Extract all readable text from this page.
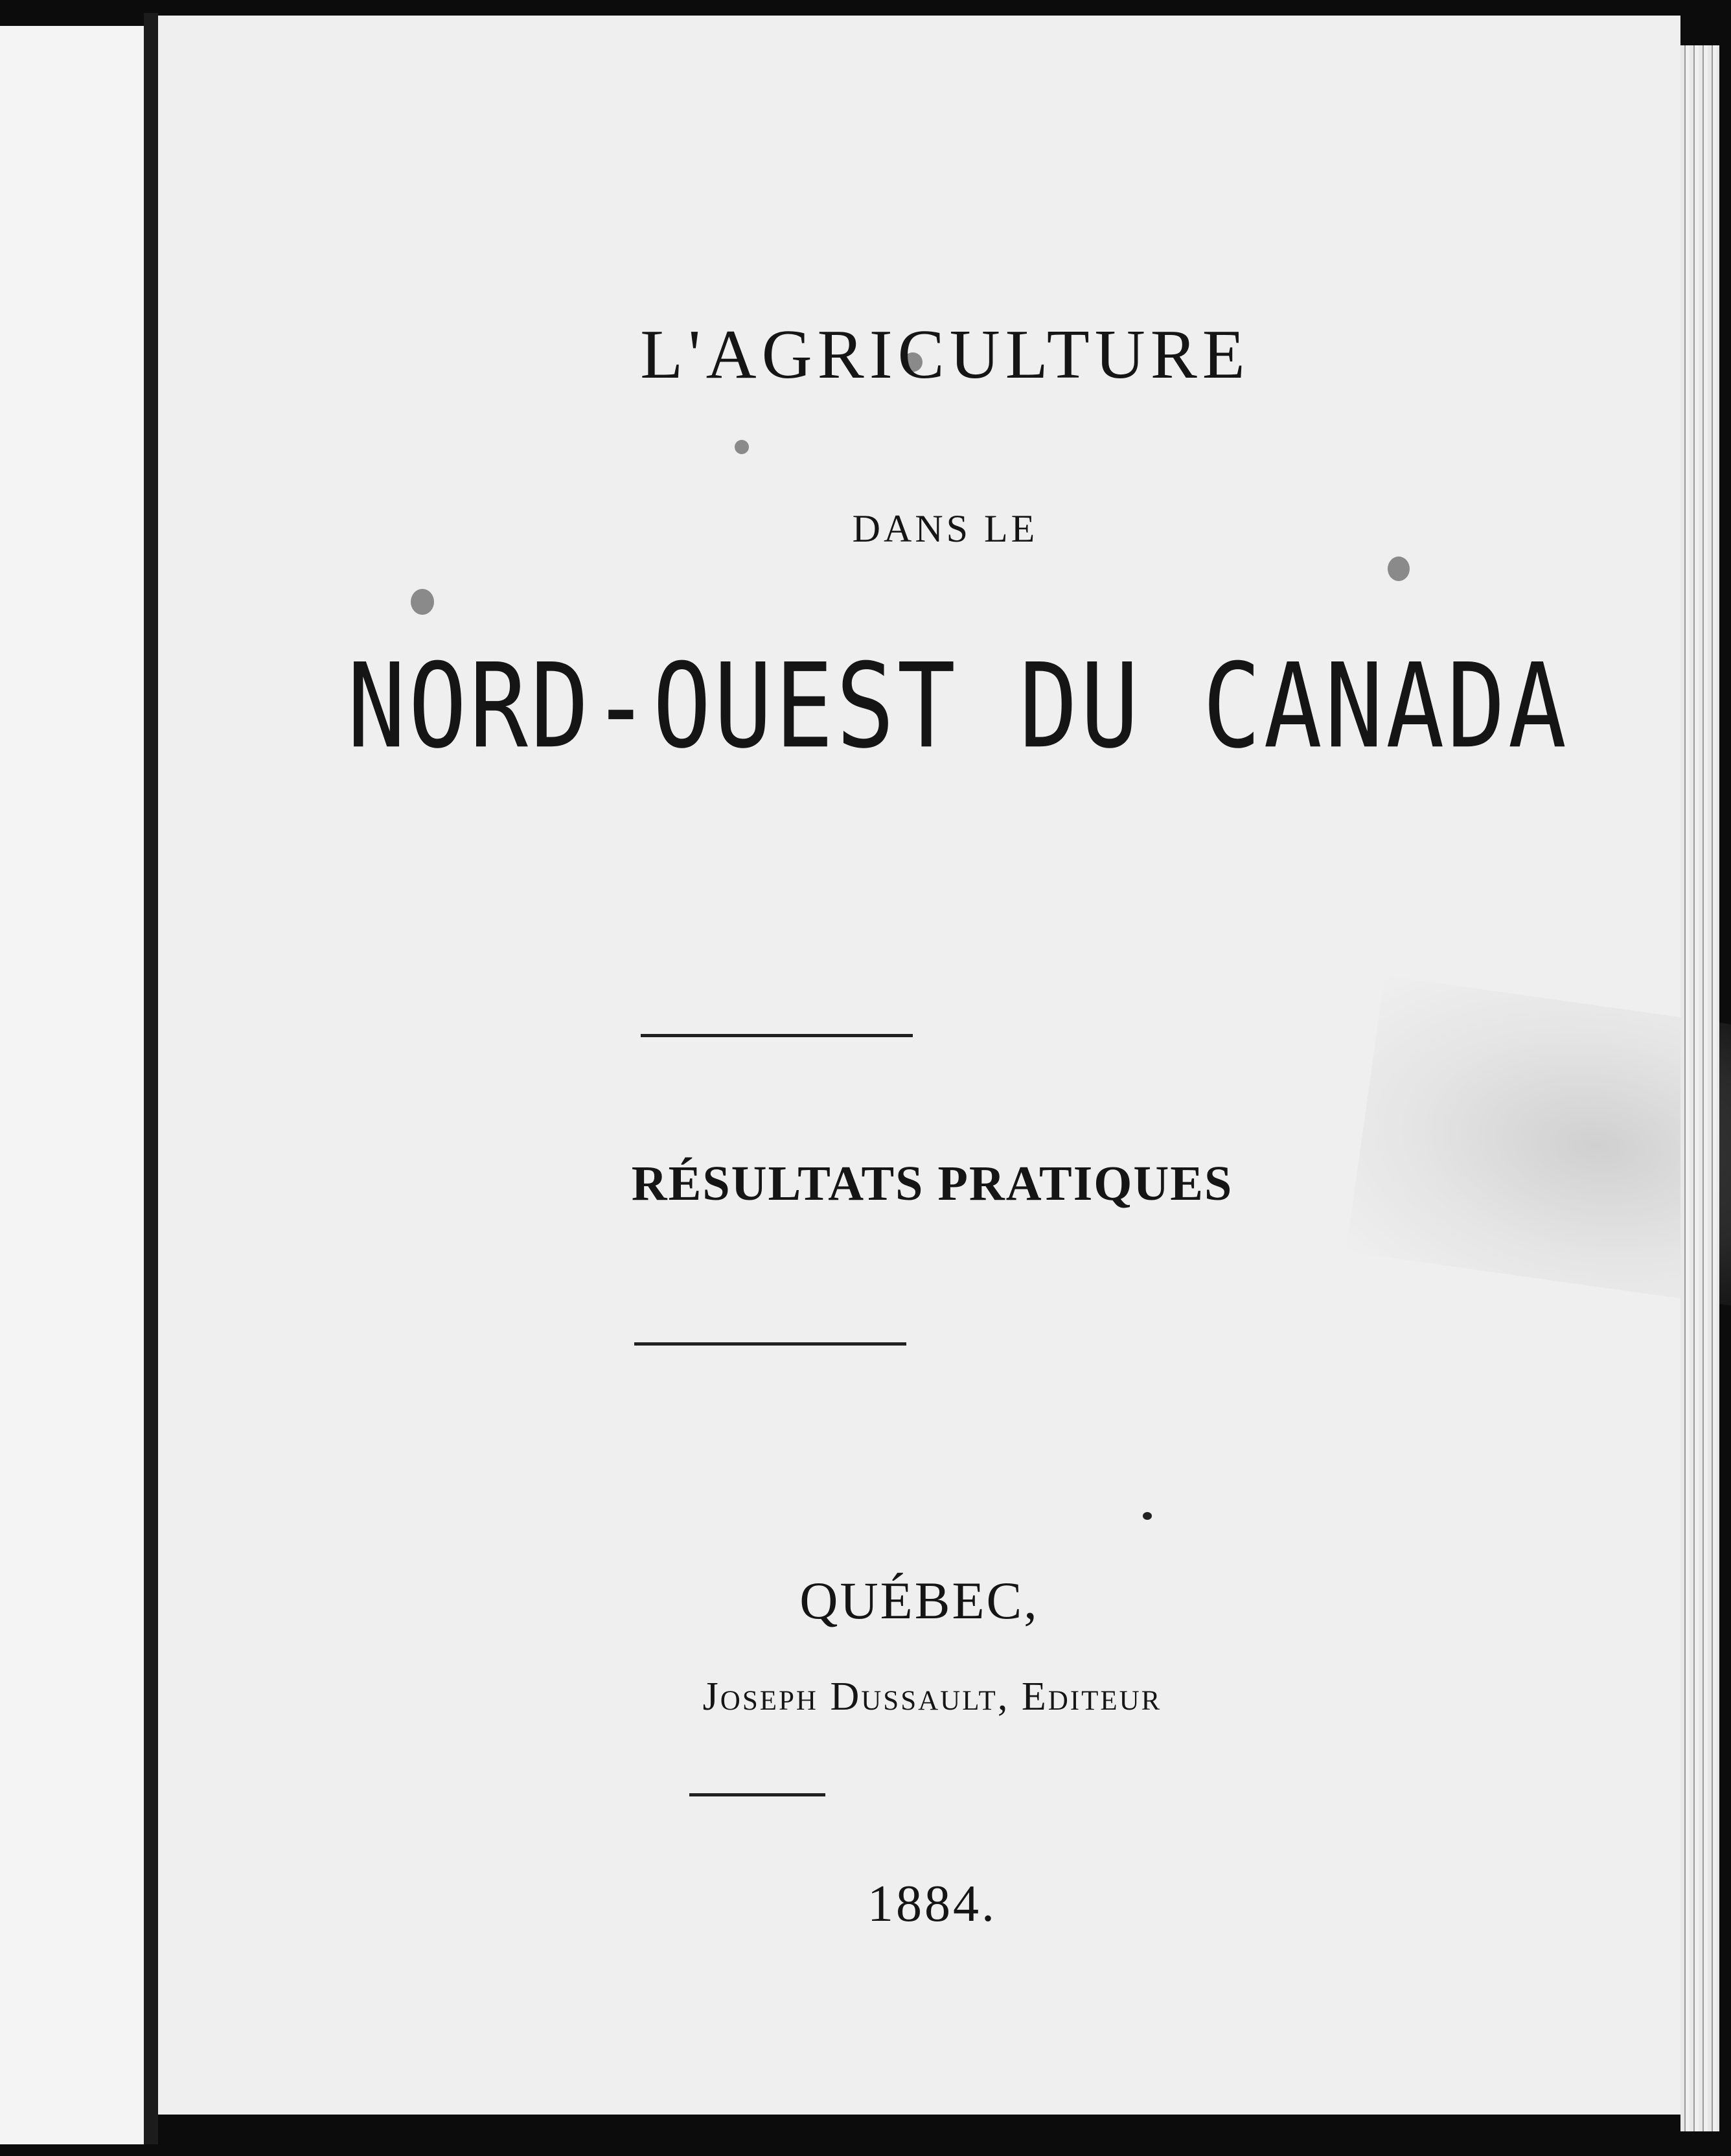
L'AGRICULTURE
DANS LE
NORD-OUEST DU CANADA
RÉSULTATS PRATIQUES
QUÉBEC,
Joseph Dussault, Editeur
1884.
